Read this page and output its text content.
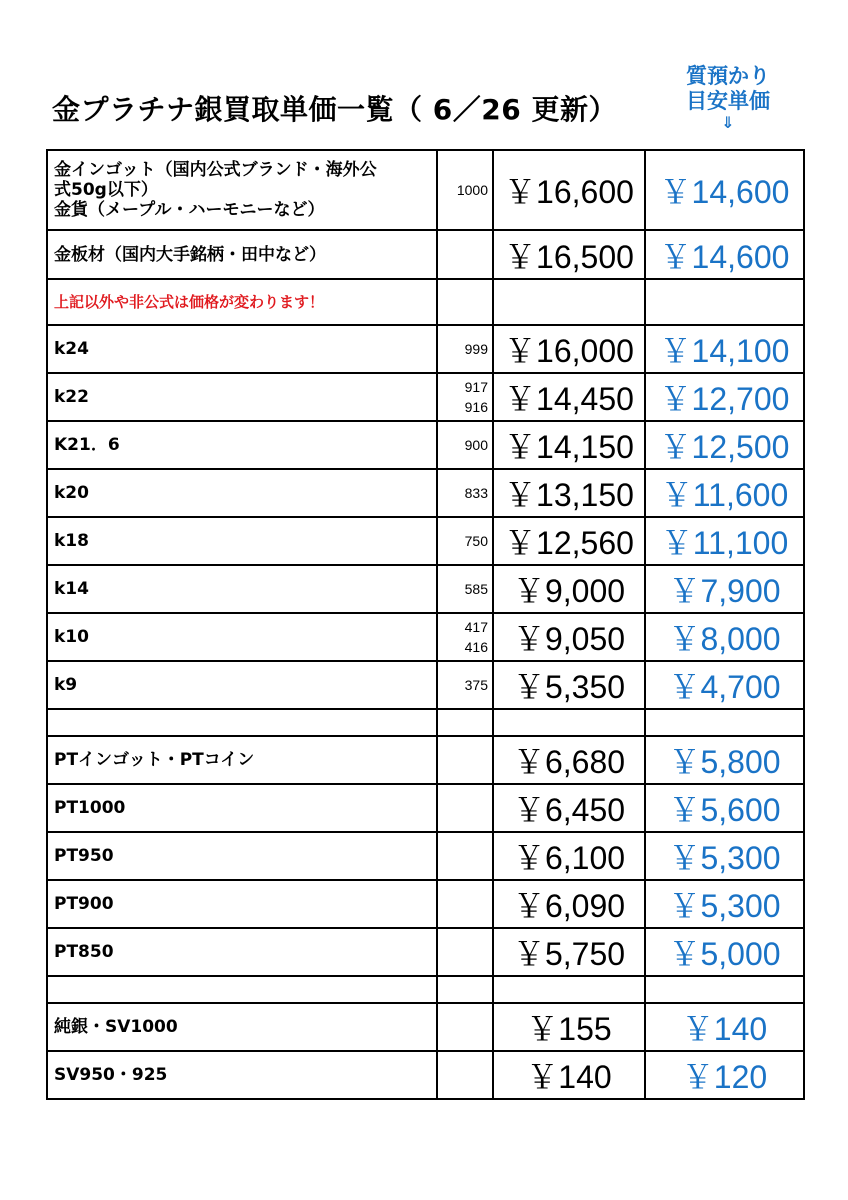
金プラチナ銀買取単価一覧（ 6／26 更新）
質預かり
目安単価
⇓
金インゴット（国内公式ブランド・海外公
式50g以下）
金貨（メープル・ハーモニーなど）	1000	￥16,600	￥14,600

金板材（国内大手銘柄・田中など）		￥16,500	￥14,600

上記以外や非公式は価格が変わります！			

k24	999	￥16,000	￥14,100

k22	917
916	￥14,450	￥12,700

K21．6	900	￥14,150	￥12,500

k20	833	￥13,150	￥11,600

k18	750	￥12,560	￥11,100

k14	585	￥9,000	￥7,900

k10	417
416	￥9,050	￥8,000

k9	375	￥5,350	￥4,700

PTインゴット・PTコイン		￥6,680	￥5,800

PT1000		￥6,450	￥5,600

PT950		￥6,100	￥5,300

PT900		￥6,090	￥5,300

PT850		￥5,750	￥5,000

純銀・SV1000		￥155	￥140

SV950・925		￥140	￥120
